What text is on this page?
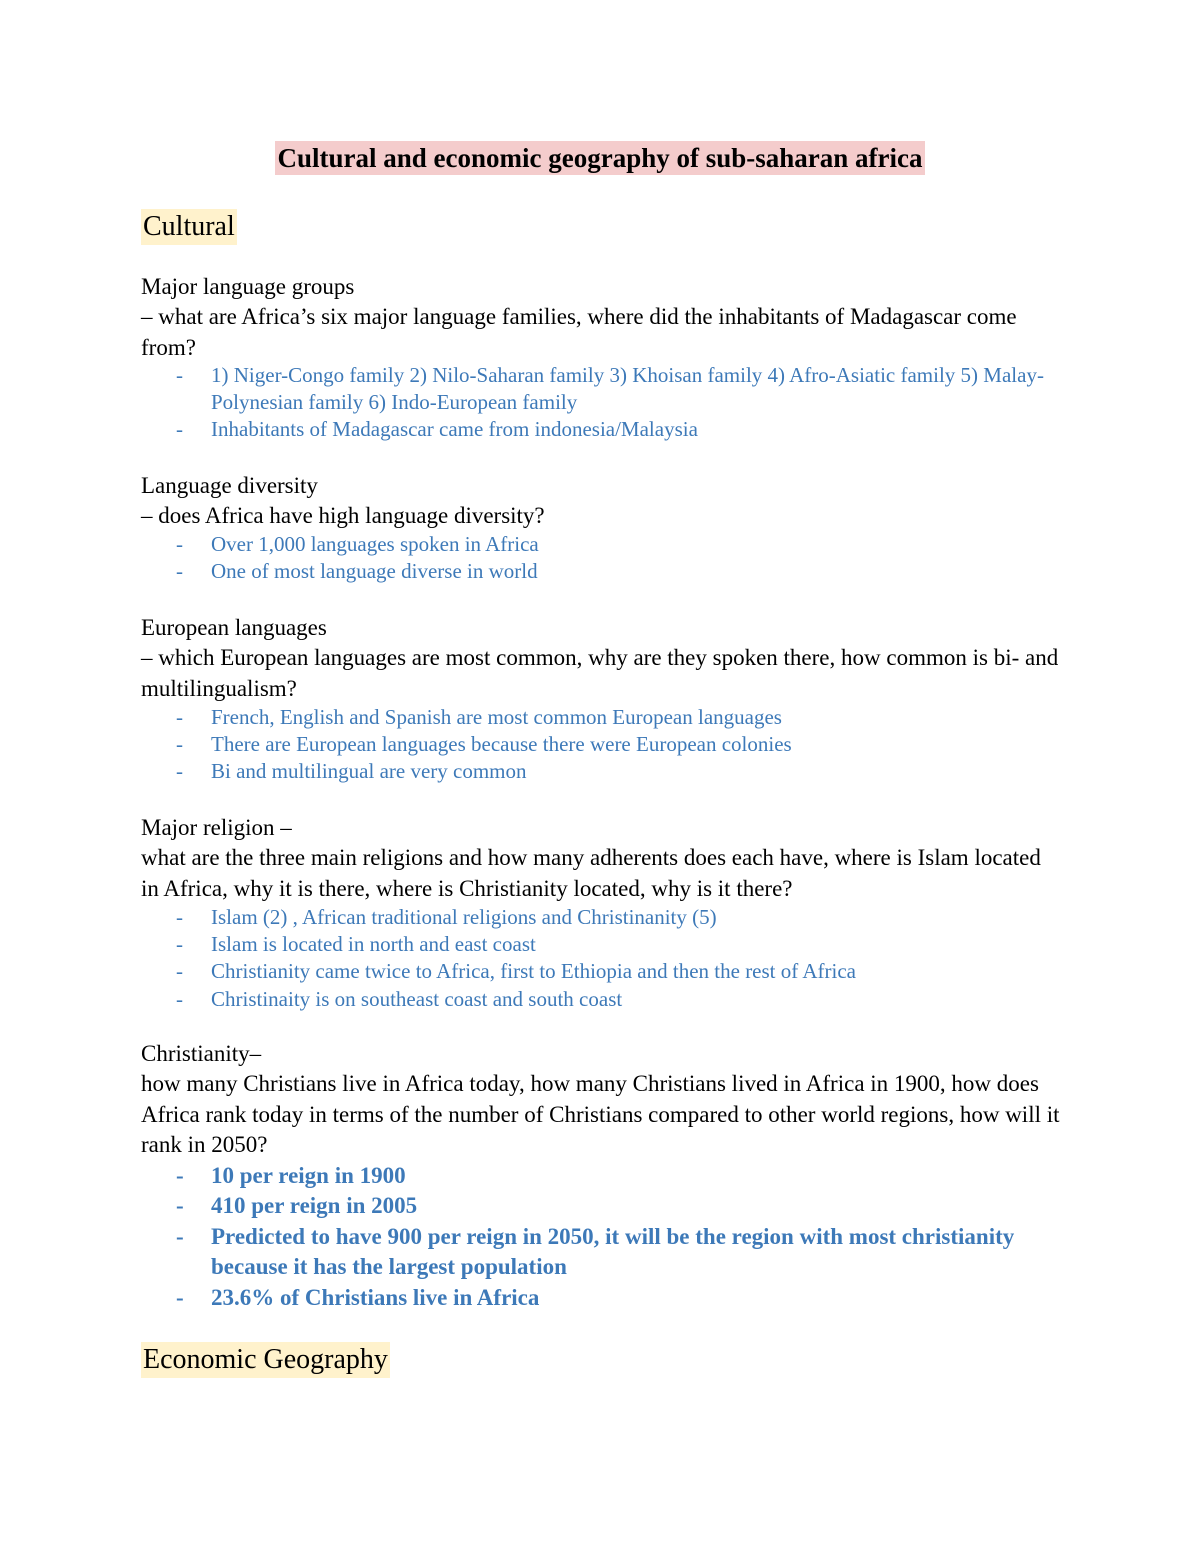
Cultural and economic geography of sub-saharan africa
Cultural
Major language groups
– what are Africa’s six major language families, where did the inhabitants of Madagascar come from?
- 1) Niger-Congo family 2) Nilo-Saharan family 3) Khoisan family 4) Afro-Asiatic family 5) Malay-Polynesian family 6) Indo-European family
- Inhabitants of Madagascar came from indonesia/Malaysia
Language diversity
– does Africa have high language diversity?
- Over 1,000 languages spoken in Africa
- One of most language diverse in world
European languages
– which European languages are most common, why are they spoken there, how common is bi- and multilingualism?
- French, English and Spanish are most common European languages
- There are European languages because there were European colonies
- Bi and multilingual are very common
Major religion –
what are the three main religions and how many adherents does each have, where is Islam located in Africa, why it is there, where is Christianity located, why is it there?
- Islam (2) , African traditional religions and Christinanity (5)
- Islam is located in north and east coast
- Christianity came twice to Africa, first to Ethiopia and then the rest of Africa
- Christinaity is on southeast coast and south coast
Christianity–
how many Christians live in Africa today, how many Christians lived in Africa in 1900, how does Africa rank today in terms of the number of Christians compared to other world regions, how will it rank in 2050?
- 10 per reign in 1900
- 410 per reign in 2005
- Predicted to have 900 per reign in 2050, it will be the region with most christianity because it has the largest population
- 23.6% of Christians live in Africa
Economic Geography
